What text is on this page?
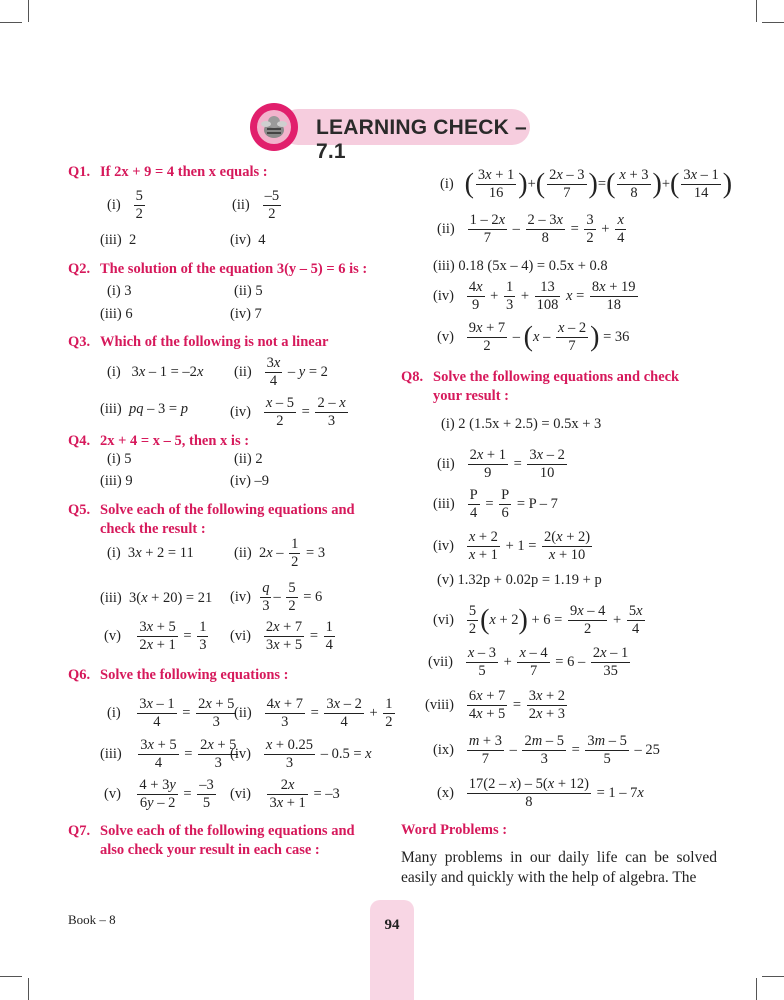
LEARNING CHECK – 7.1
Q1. If 2x + 9 = 4 then x equals :
$(i) \frac{5}{2}$	$(ii) \frac{-5}{2}$
(iii) 2	(iv) 4
Q2. The solution of the equation 3(y – 5) = 6 is :
(i) 3	(ii) 5
(iii) 6	(iv) 7
Q3. Which of the following is not a linear
(i)   3x – 1 = –2x $(ii) \frac{3x}{4} - y = 2$
(iii)  pq – 3 = p	$(iv) \frac{x - 5}{2} = \frac{2 - x}{3}$
Q4. 2x + 4 = x – 5, then x is :
(i) 5	(ii) 2
(iii) 9	(iv) –9
Q5. Solve each of the following equations and
check the result :
(i)  3x + 2 = 11	(ii)  $2x - \frac{1}{2} = 3$
(iii)  3(x + 20) = 21 $(iv) \frac{q}{3} - \frac{5}{2} = 6$
$(v) \frac{3x + 5}{2x + 1} = \frac{1}{3} (vi) \frac{2x + 7}{3x + 5} = \frac{1}{4}$
Q6. Solve the following equations :
$(i) \frac{3x - 1}{4} = \frac{2x + 5}{3}$
$(ii) \frac{4x + 7}{3} = \frac{3x - 2}{4} + \frac{1}{2}$
$(iii) \frac{3x + 5}{4} = \frac{2x + 5}{3}$
$(iv) \frac{x + 0.25}{3} - 0.5 = x$
$(v) \frac{4 + 3y}{6y - 2} = \frac{-3}{5} (vi) \frac{2x}{3x + 1} = -3$
Q7. Solve each of the following equations and
also check your result in each case :
(i)   ( $\frac{3x + 1}{16}$ )+( $\frac{2x - 3}{7}$ )=( $\frac{x + 3}{8}$ )+( $\frac{3x - 1}{14}$ )
$(ii) \frac{1 - 2x}{7} - \frac{2 - 3x}{8} = \frac{3}{2} + \frac{x}{4}$
(iii) 0.18 (5x – 4) = 0.5x + 0.8
$(iv) \frac{4x}{9} + \frac{1}{3} + \frac{13}{108}$ $x = \frac{8x + 19}{18}$
$(v) \frac{9x + 7}{2} - (x - \frac{x - 2}{7}$ ) = 36
Q8. Solve the following equations and check
your result :
(i) 2 (1.5x + 2.5) = 0.5x + 3
$(ii) \frac{2x + 1}{9} = \frac{3x - 2}{10}$
$(iii) \frac{P}{4} = \frac{P}{6} = P - 7$
$(iv) \frac{x + 2}{x + 1} + 1 = \frac{2(x + 2)}{x + 10}$
(v) 1.32p + 0.02p = 1.19 + p
$(vi) \frac{5}{2} (x + 2) + 6 = \frac{9x - 4}{2} + \frac{5x}{4}$
$(vii) \frac{x - 3}{5} + \frac{x - 4}{7} = 6 - \frac{2x - 1}{35}$
(viii) $\frac{6x + 7}{4x + 5} = \frac{3x + 2}{2x + 3}$
$(ix) \frac{m + 3}{7} - \frac{2m - 5}{3} = \frac{3m - 5}{5} - 25$
$(x) \frac{17(2 - x) - 5(x + 12)}{8} = 1 - 7x$
Word Problems :
Many problems in our daily life can be solved easily and quickly with the help of algebra. The
Book – 8	94
